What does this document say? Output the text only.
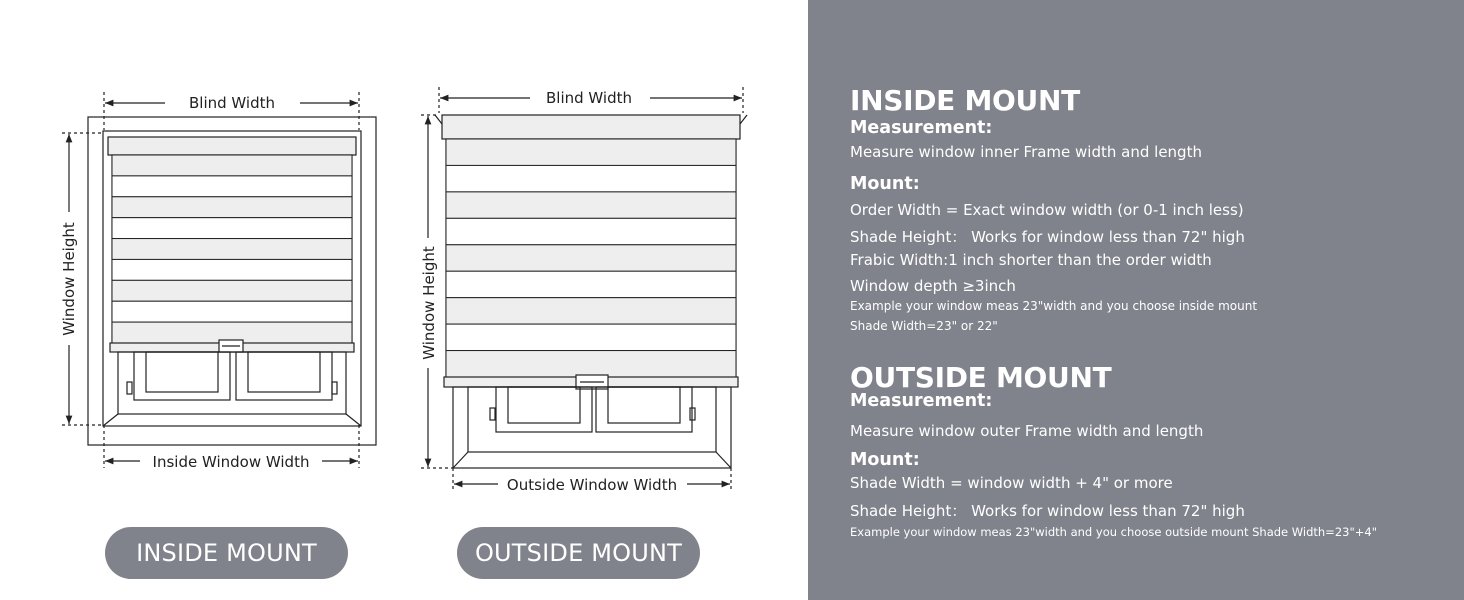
Blind Width
Window Height
Inside Window Width
Blind Width
Window Height
Outside Window Width
INSIDE MOUNT	OUTSIDE MOUNT
INSIDE MOUNT
Measurement:
Measure window inner Frame width and length
Mount:
Order Width = Exact window width (or 0-1 inch less)
Shade Height： Works for window less than 72" high
Frabic Width:1 inch shorter than the order width
Window depth ≥3inch
Example your window meas 23"width and you choose inside mount
Shade Width=23" or 22"
OUTSIDE MOUNT
Measurement:
Measure window outer Frame width and length
Mount:
Shade Width = window width + 4" or more
Shade Height： Works for window less than 72" high
Example your window meas 23"width and you choose outside mount Shade Width=23"+4"
